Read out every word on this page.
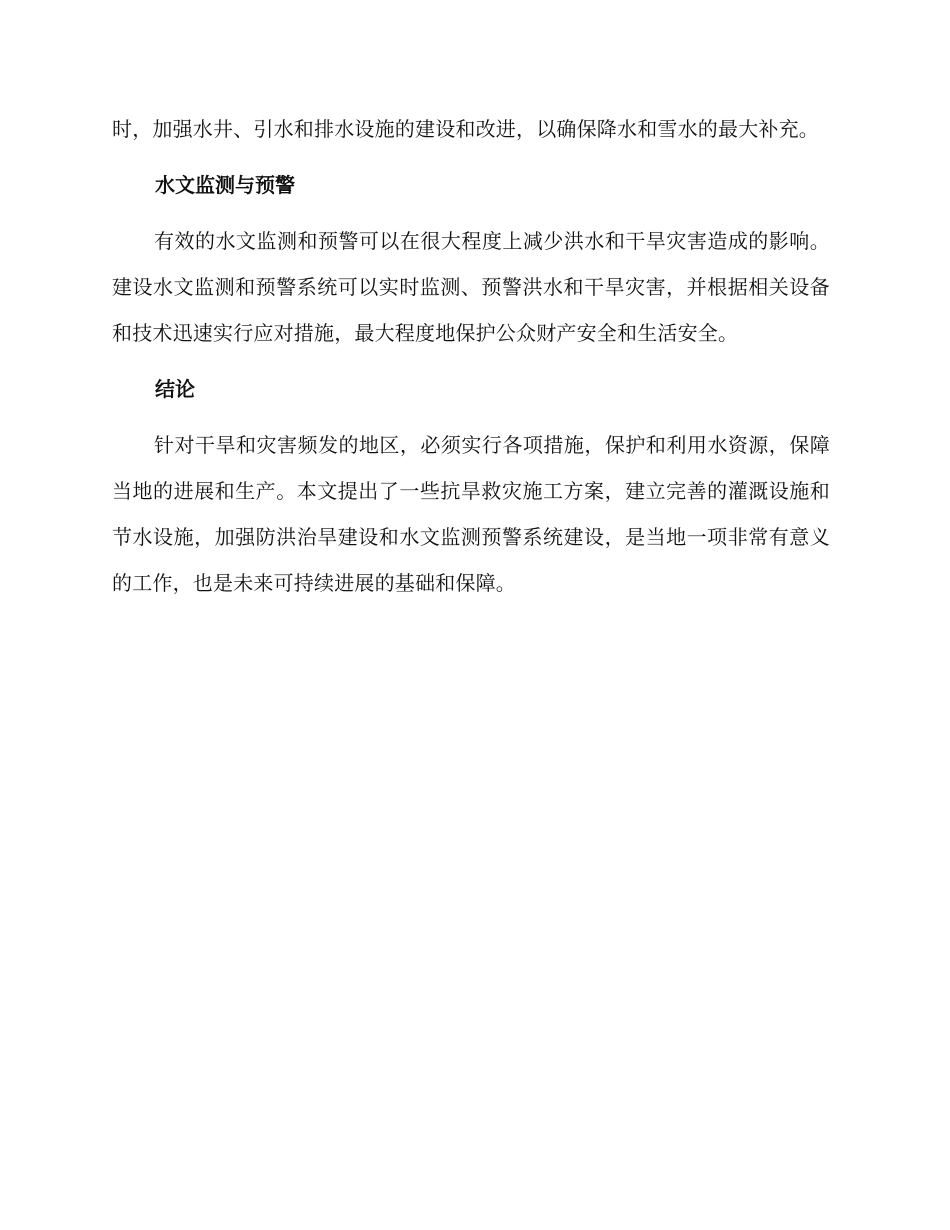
时，加强水井、引水和排水设施的建设和改进，以确保降水和雪水的最大补充。

水文监测与预警

有效的水文监测和预警可以在很大程度上减少洪水和干旱灾害造成的影响。建设水文监测和预警系统可以实时监测、预警洪水和干旱灾害，并根据相关设备和技术迅速实行应对措施，最大程度地保护公众财产安全和生活安全。

结论

针对干旱和灾害频发的地区，必须实行各项措施，保护和利用水资源，保障当地的进展和生产。本文提出了一些抗旱救灾施工方案，建立完善的灌溉设施和节水设施，加强防洪治旱建设和水文监测预警系统建设，是当地一项非常有意义的工作，也是未来可持续进展的基础和保障。
